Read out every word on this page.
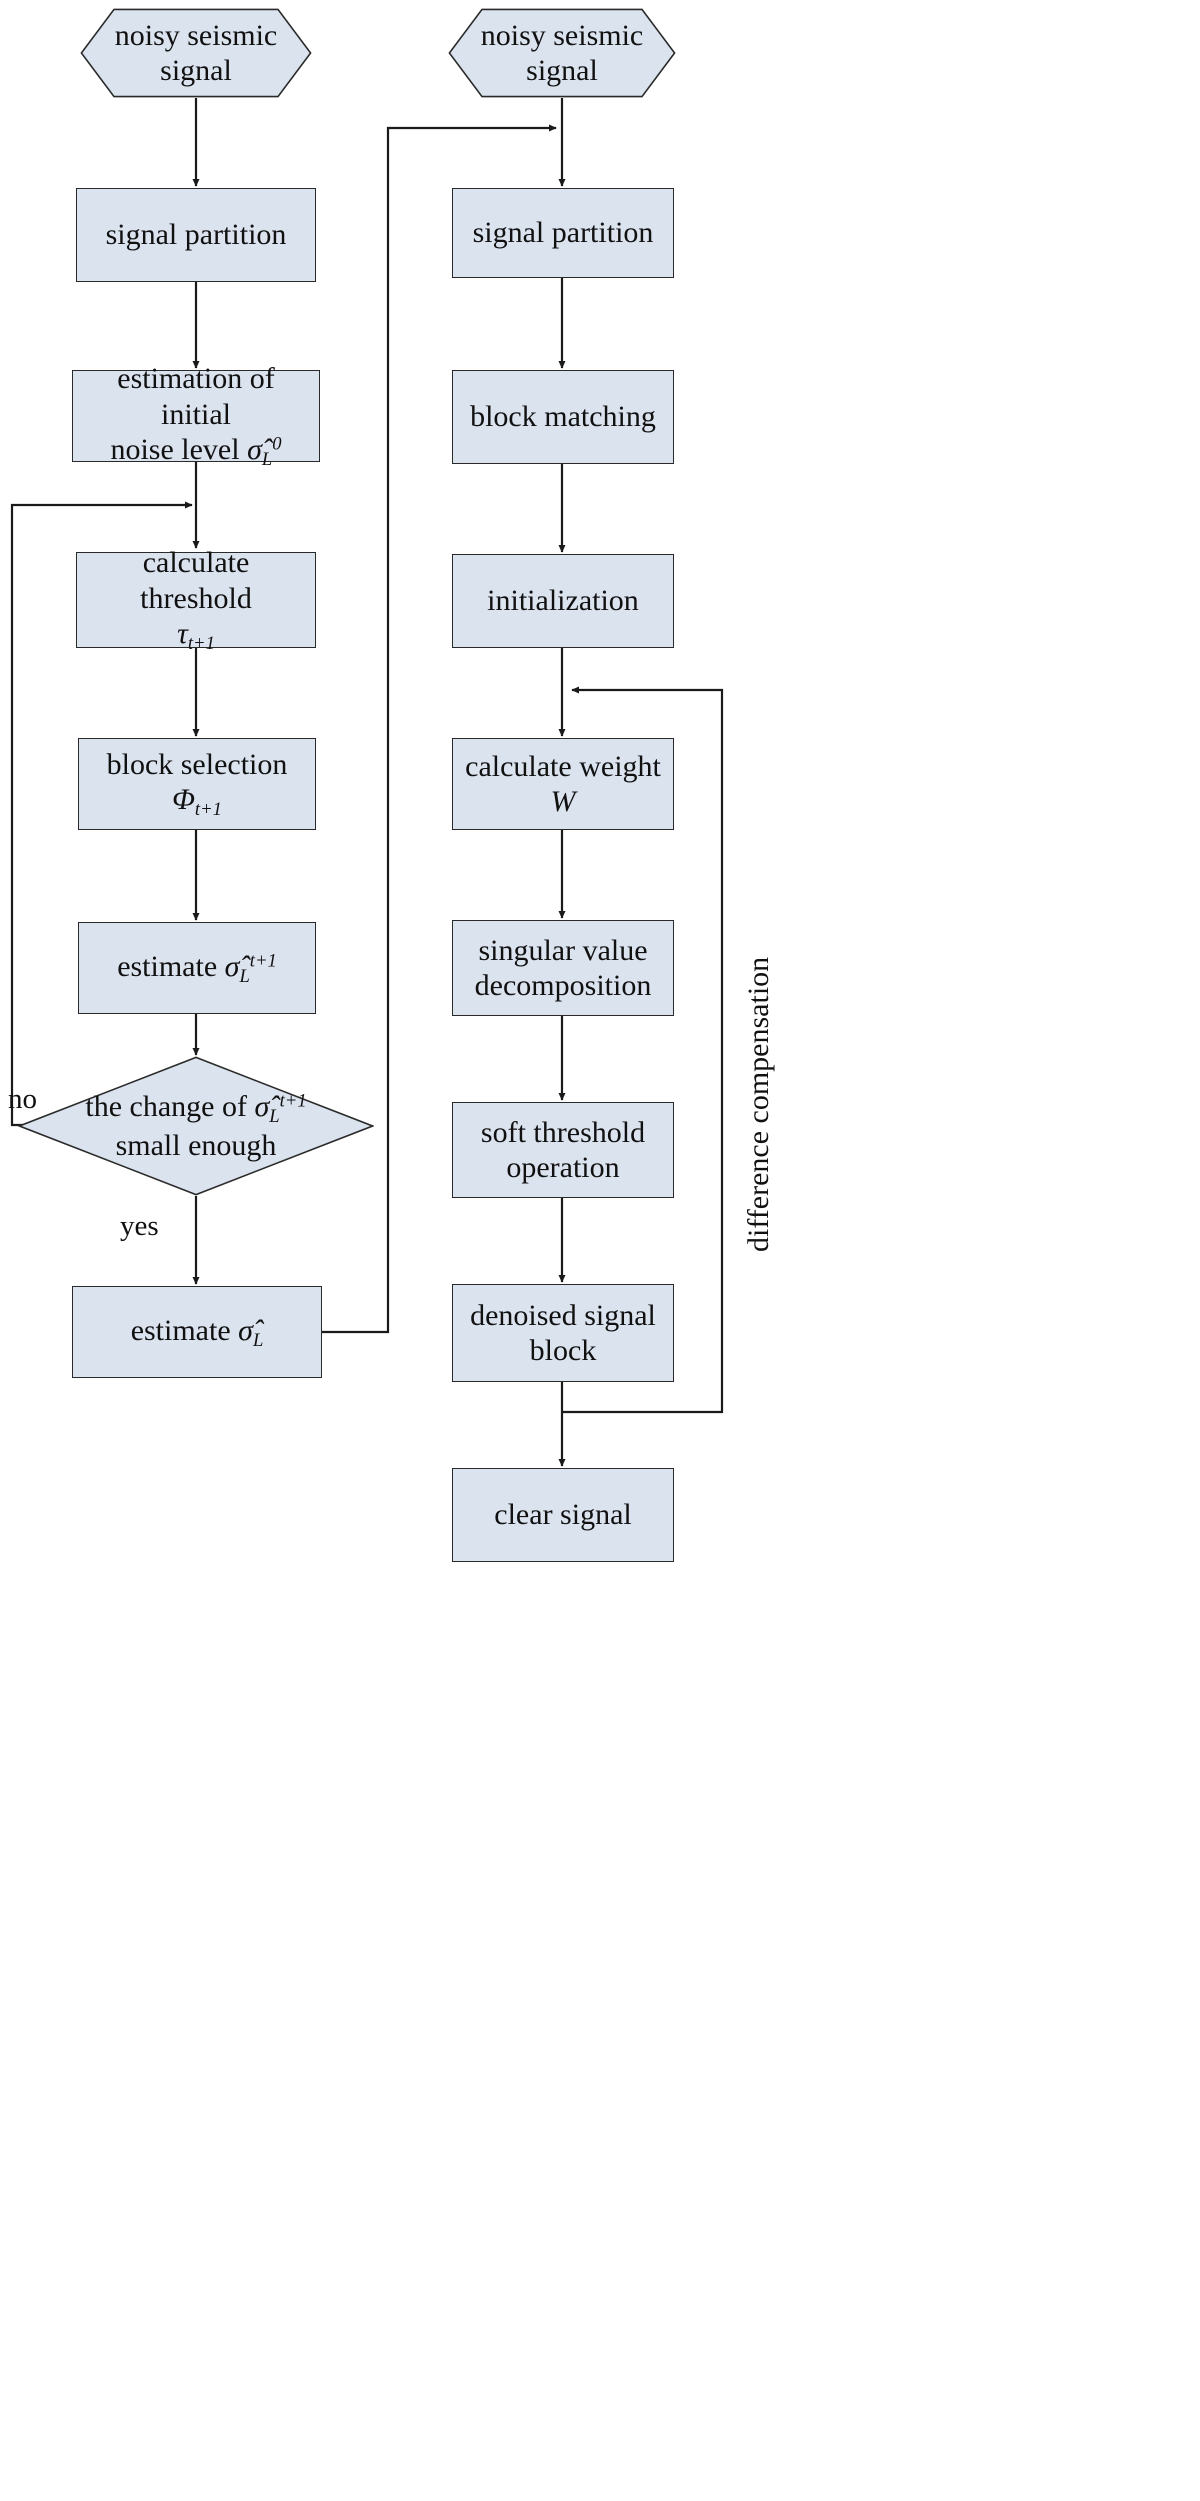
noisy seismic
signal
signal partition
estimation of initial
noise level $\sigmâ_L^0$
calculate threshold
$\tau_{t+1}$
block selection
$\Phi_{t+1}$
estimate $\sigmâ_L^{t+1}$
the change of $\sigmâ_L^{t+1}$
small enough
no
yes
estimate $\sigmâ_L$
noisy seismic
signal
signal partition
block matching
initialization
calculate weight
W
singular value
decomposition
soft threshold
operation
denoised signal
block
clear signal
difference compensation
